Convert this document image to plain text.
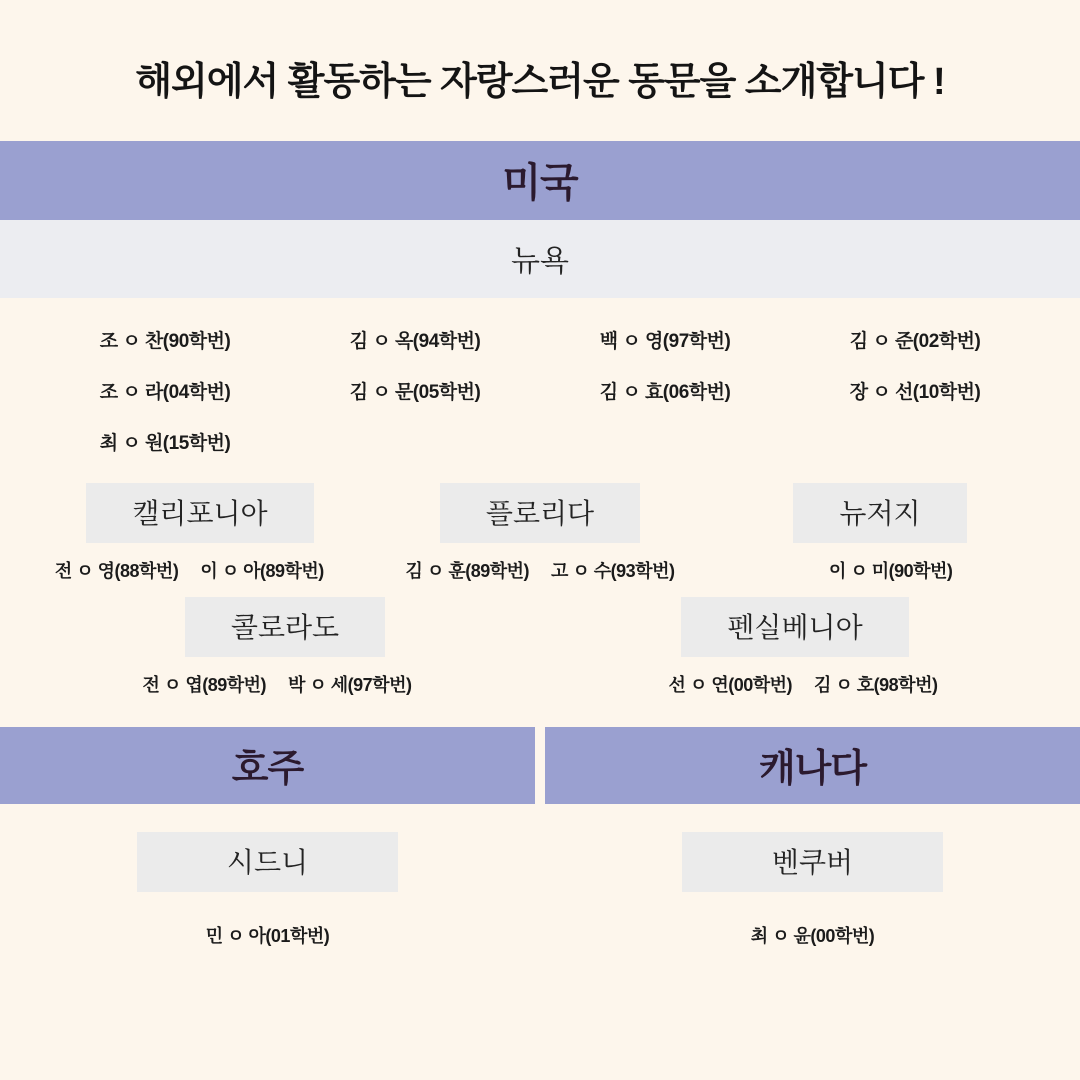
해외에서 활동하는 자랑스러운 동문을 소개합니다 !
미국
뉴욕
조 ㅇ 찬(90학번)	김 ㅇ 옥(94학번)	백 ㅇ 영(97학번)	김 ㅇ 준(02학번)
조 ㅇ 라(04학번)	김 ㅇ 문(05학번)	김 ㅇ 효(06학번)	장 ㅇ 선(10학번)
최 ㅇ 원(15학번)
캘리포니아	플로리다	뉴저지
전 ㅇ 영(88학번) 이 ㅇ 아(89학번)	김 ㅇ 훈(89학번) 고 ㅇ 수(93학번)	이 ㅇ 미(90학번)
콜로라도	펜실베니아
전 ㅇ 엽(89학번) 박 ㅇ 세(97학번)	선 ㅇ 연(00학번) 김 ㅇ 호(98학번)
호주
시드니
민 ㅇ 아(01학번)
캐나다
벤쿠버
최 ㅇ 윤(00학번)
